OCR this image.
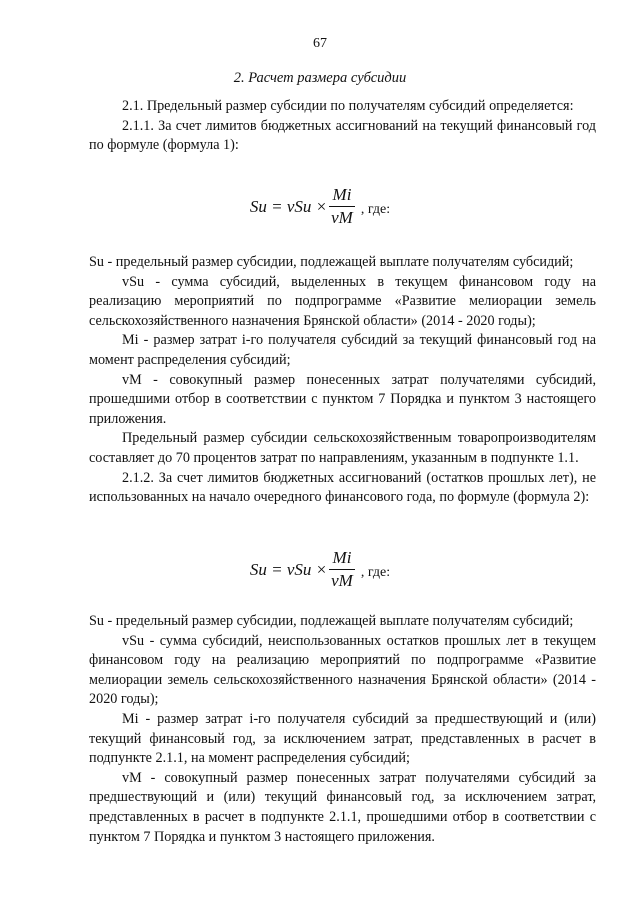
67
2. Расчет размера субсидии

2.1. Предельный размер субсидии по получателям субсидий определяется:

2.1.1. За счет лимитов бюджетных ассигнований на текущий финансовый год по формуле (формула 1):

Su = vSu × $\frac{Mi}{vM}$ , где:

Su - предельный размер субсидии, подлежащей выплате получателям субсидий;

vSu - сумма субсидий, выделенных в текущем финансовом году на реализацию мероприятий по подпрограмме «Развитие мелиорации земель сельскохозяйственного назначения Брянской области» (2014 - 2020 годы);

Mi - размер затрат i-го получателя субсидий за текущий финансовый год на момент распределения субсидий;

vM - совокупный размер понесенных затрат получателями субсидий, прошедшими отбор в соответствии с пунктом 7 Порядка и пунктом 3 настоящего приложения.

Предельный размер субсидии сельскохозяйственным товаропроизводителям составляет до 70 процентов затрат по направлениям, указанным в подпункте 1.1.

2.1.2. За счет лимитов бюджетных ассигнований (остатков прошлых лет), не использованных на начало очередного финансового года, по формуле (формула 2):

Su = vSu × $\frac{Mi}{vM}$ , где:

Su - предельный размер субсидии, подлежащей выплате получателям субсидий;

vSu - сумма субсидий, неиспользованных остатков прошлых лет в текущем финансовом году на реализацию мероприятий по подпрограмме «Развитие мелиорации земель сельскохозяйственного назначения Брянской области» (2014 - 2020 годы);

Mi - размер затрат i-го получателя субсидий за предшествующий и (или) текущий финансовый год, за исключением затрат, представленных в расчет в подпункте 2.1.1, на момент распределения субсидий;

vM - совокупный размер понесенных затрат получателями субсидий за предшествующий и (или) текущий финансовый год, за исключением затрат, представленных в расчет в подпункте 2.1.1, прошедшими отбор в соответствии с пунктом 7 Порядка и пунктом 3 настоящего приложения.
